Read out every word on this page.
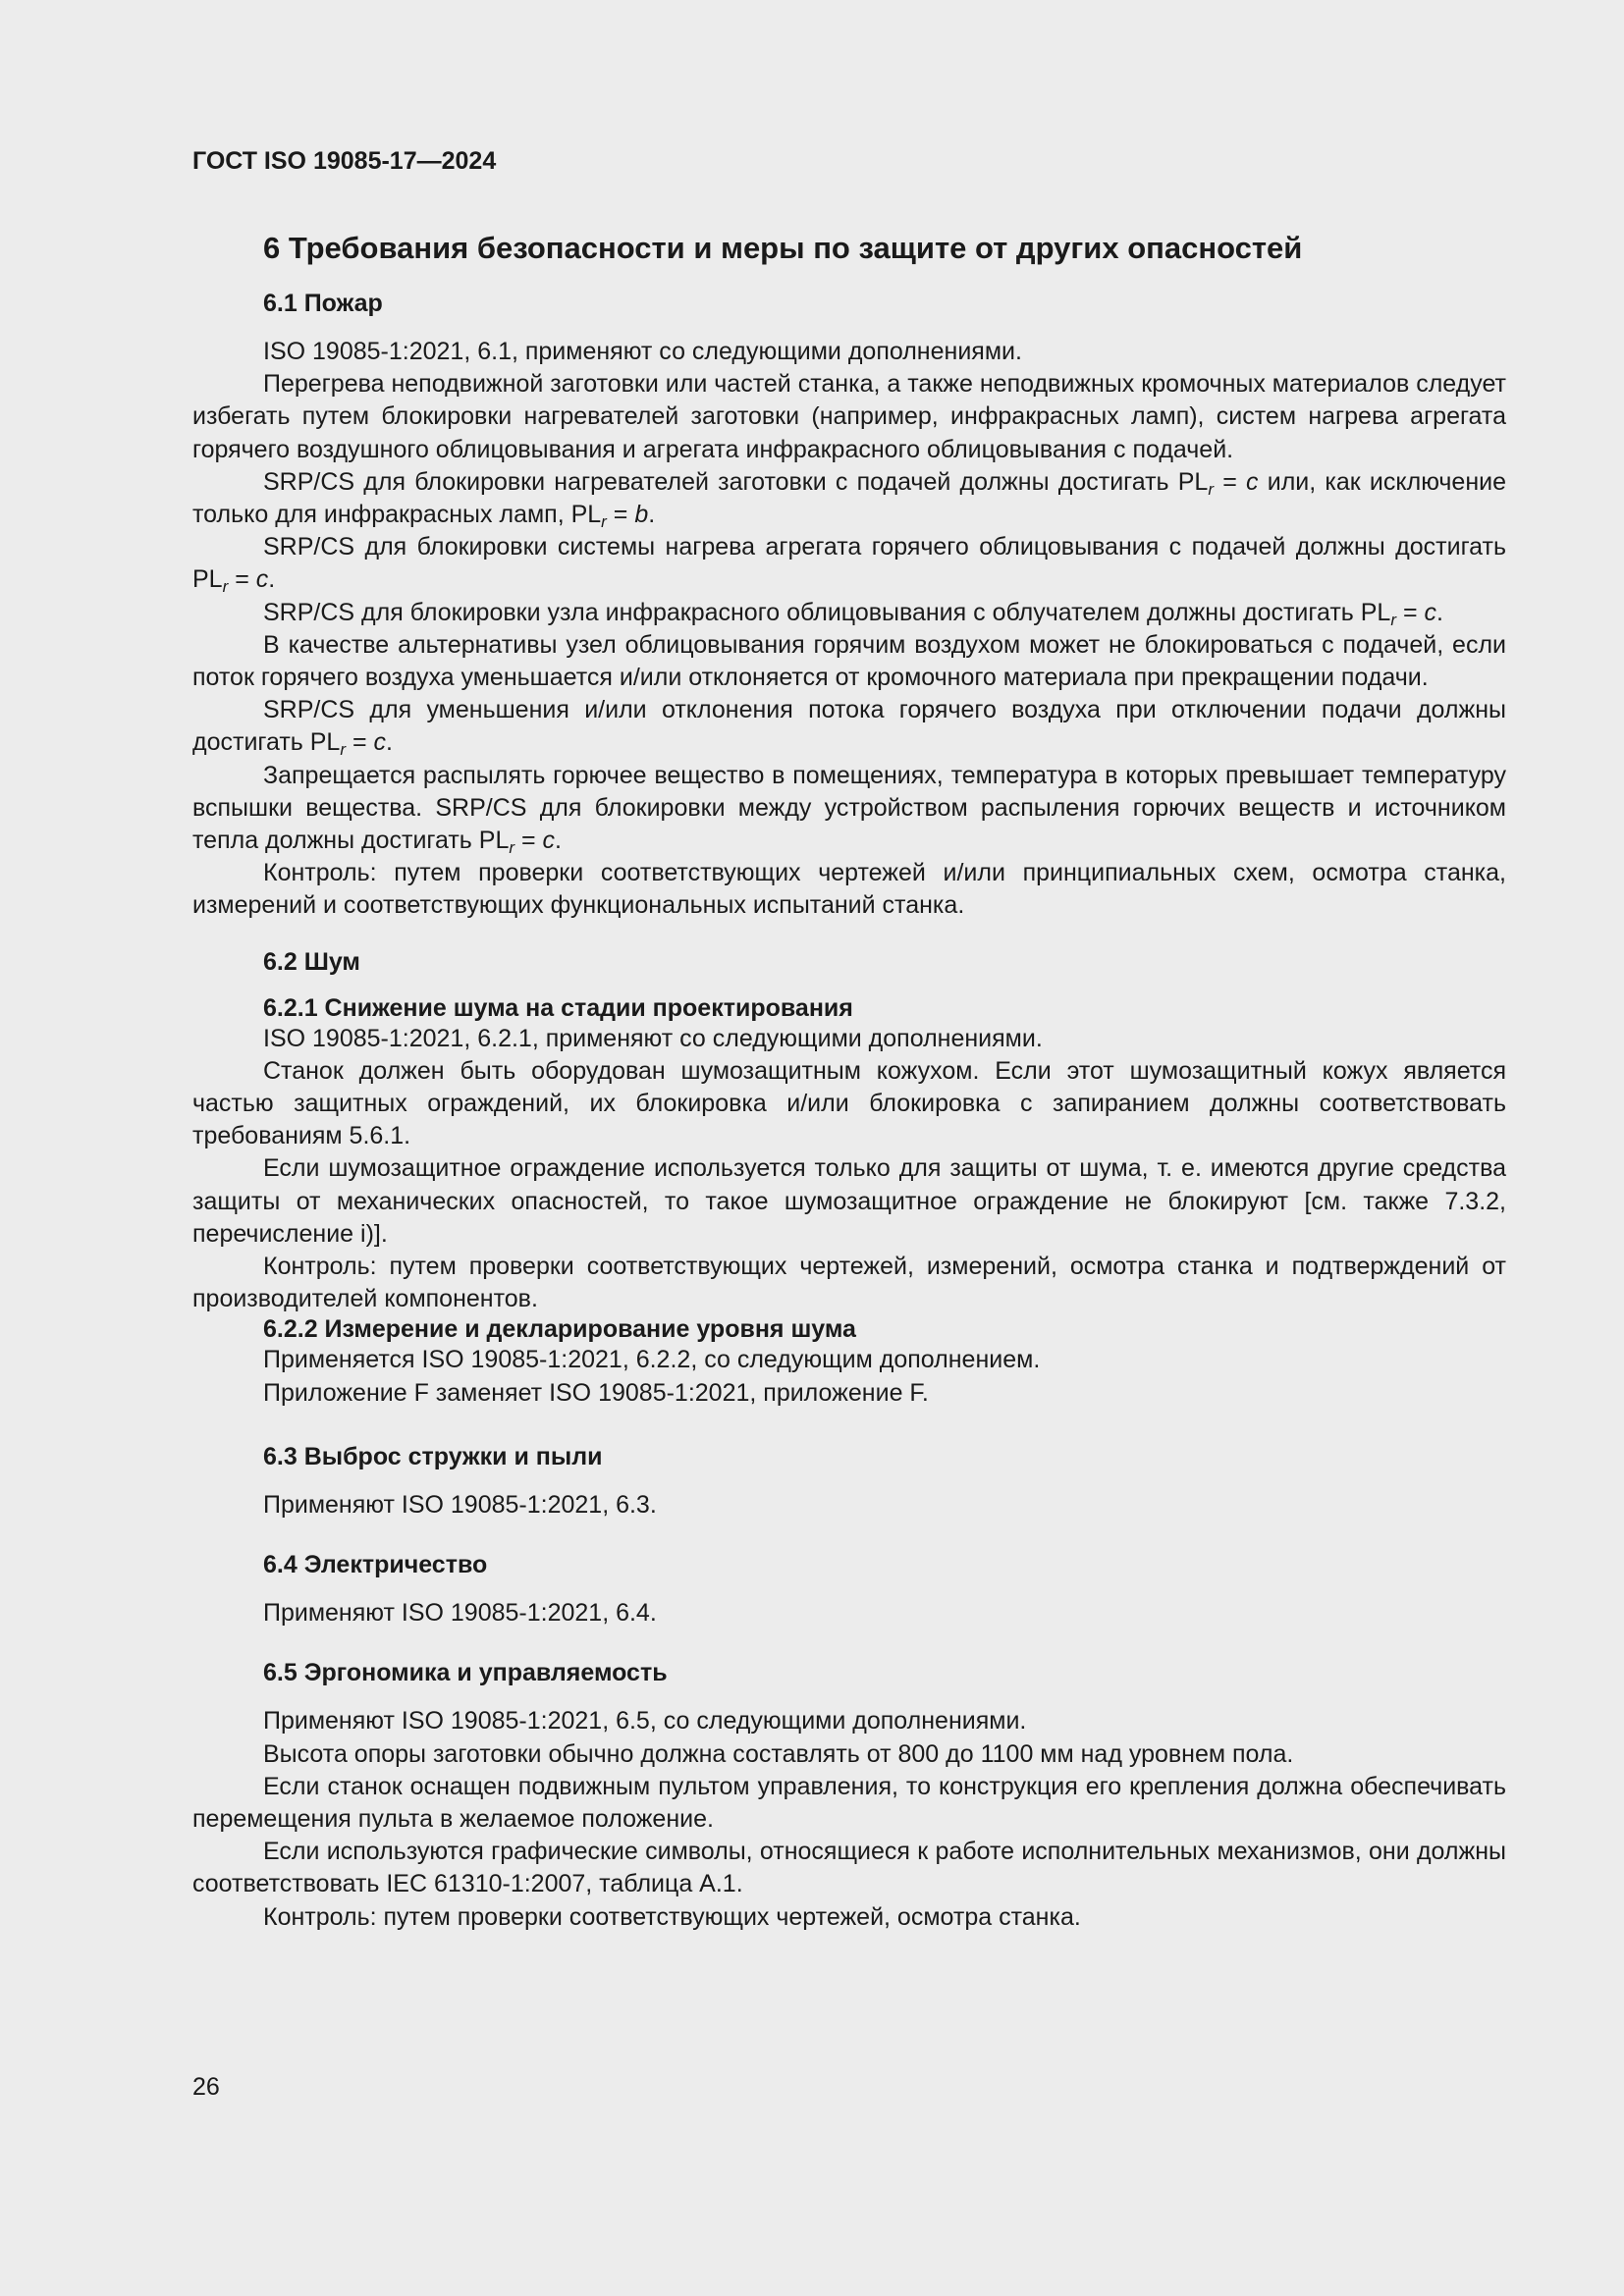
ГОСТ ISO 19085-17—2024
6 Требования безопасности и меры по защите от других опасностей
6.1 Пожар

ISO 19085-1:2021, 6.1, применяют со следующими дополнениями.

Перегрева неподвижной заготовки или частей станка, а также неподвижных кромочных материалов следует избегать путем блокировки нагревателей заготовки (например, инфракрасных ламп), систем нагрева агрегата горячего воздушного облицовывания и агрегата инфракрасного облицовывания с подачей.

SRP/CS для блокировки нагревателей заготовки с подачей должны достигать $PL_r = c$ или, как исключение только для инфракрасных ламп, $PL_r = b$.

SRP/CS для блокировки системы нагрева агрегата горячего облицовывания с подачей должны достигать $PL_r = c$.

SRP/CS для блокировки узла инфракрасного облицовывания с облучателем должны достигать $PL_r = c$.

В качестве альтернативы узел облицовывания горячим воздухом может не блокироваться с подачей, если поток горячего воздуха уменьшается и/или отклоняется от кромочного материала при прекращении подачи.

SRP/CS для уменьшения и/или отклонения потока горячего воздуха при отключении подачи должны достигать $PL_r = c$.

Запрещается распылять горючее вещество в помещениях, температура в которых превышает температуру вспышки вещества. SRP/CS для блокировки между устройством распыления горючих веществ и источником тепла должны достигать $PL_r = c$.

Контроль: путем проверки соответствующих чертежей и/или принципиальных схем, осмотра станка, измерений и соответствующих функциональных испытаний станка.

6.2 Шум
6.2.1 Снижение шума на стадии проектирования

ISO 19085-1:2021, 6.2.1, применяют со следующими дополнениями.

Станок должен быть оборудован шумозащитным кожухом. Если этот шумозащитный кожух является частью защитных ограждений, их блокировка и/или блокировка с запиранием должны соответствовать требованиям 5.6.1.

Если шумозащитное ограждение используется только для защиты от шума, т. е. имеются другие средства защиты от механических опасностей, то такое шумозащитное ограждение не блокируют [см. также 7.3.2, перечисление i)].

Контроль: путем проверки соответствующих чертежей, измерений, осмотра станка и подтверждений от производителей компонентов.

6.2.2 Измерение и декларирование уровня шума

Применяется ISO 19085-1:2021, 6.2.2, со следующим дополнением.

Приложение F заменяет ISO 19085-1:2021, приложение F.

6.3 Выброс стружки и пыли

Применяют ISO 19085-1:2021, 6.3.

6.4 Электричество

Применяют ISO 19085-1:2021, 6.4.

6.5 Эргономика и управляемость

Применяют ISO 19085-1:2021, 6.5, со следующими дополнениями.

Высота опоры заготовки обычно должна составлять от 800 до 1100 мм над уровнем пола.

Если станок оснащен подвижным пультом управления, то конструкция его крепления должна обеспечивать перемещения пульта в желаемое положение.

Если используются графические символы, относящиеся к работе исполнительных механизмов, они должны соответствовать IEC 61310-1:2007, таблица А.1.

Контроль: путем проверки соответствующих чертежей, осмотра станка.

26
